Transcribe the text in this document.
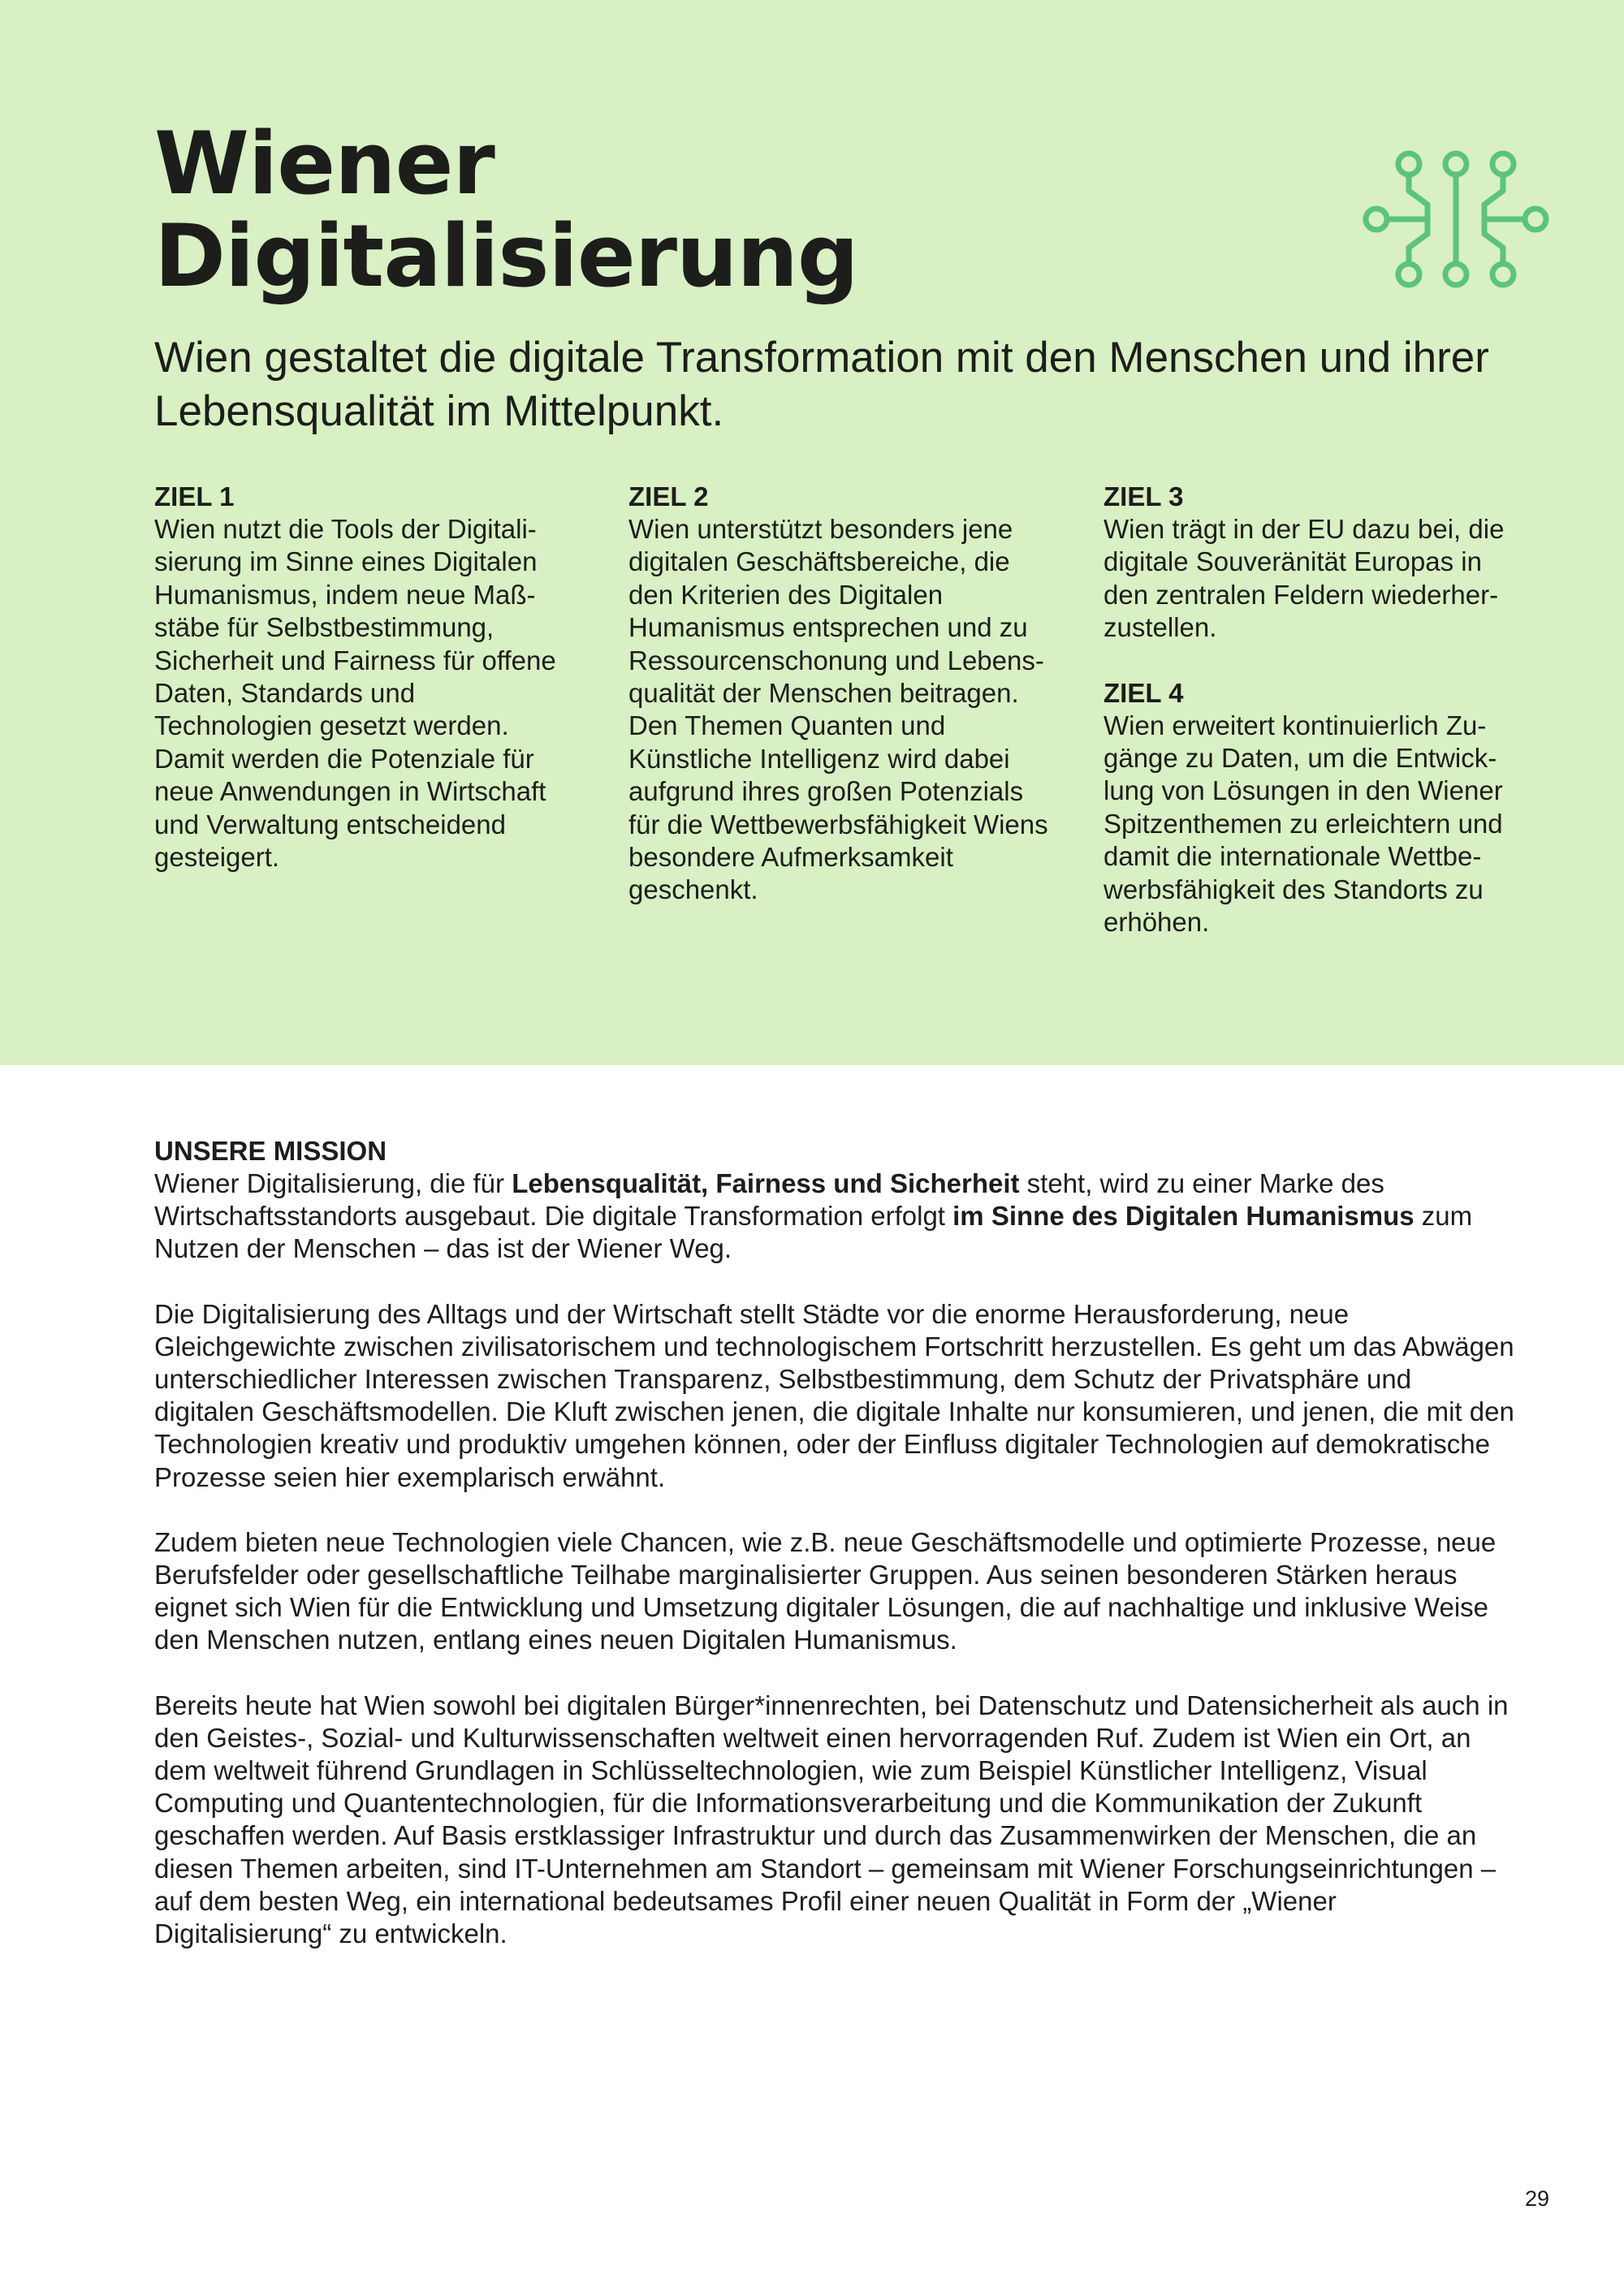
Wiener
Digitalisierung
Wien gestaltet die digitale Transformation mit den Menschen und ihrer Lebensqualität im Mittelpunkt.
ZIEL 1

Wien nutzt die Tools der Digitalisierung im Sinne eines Digitalen Humanismus, indem neue Maßstäbe für Selbstbestimmung, Sicherheit und Fairness für offene Daten, Standards und Technologien gesetzt werden. Damit werden die Potenziale für neue Anwendungen in Wirtschaft und Verwaltung entscheidend gesteigert.

ZIEL 2

Wien unterstützt besonders jene digitalen Geschäftsbereiche, die den Kriterien des Digitalen Humanismus entsprechen und zu Ressourcenschonung und Lebensqualität der Menschen beitragen. Den Themen Quanten und Künstliche Intelligenz wird dabei aufgrund ihres großen Potenzials für die Wettbewerbsfähigkeit Wiens besondere Aufmerksamkeit geschenkt.

ZIEL 3

Wien trägt in der EU dazu bei, die digitale Souveränität Europas in den zentralen Feldern wiederherzustellen.

ZIEL 4

Wien erweitert kontinuierlich Zugänge zu Daten, um die Entwicklung von Lösungen in den Wiener Spitzenthemen zu erleichtern und damit die internationale Wettbewerbsfähigkeit des Standorts zu erhöhen.

UNSERE MISSION

Wiener Digitalisierung, die für Lebensqualität, Fairness und Sicherheit steht, wird zu einer Marke des Wirtschaftsstandorts ausgebaut. Die digitale Transformation erfolgt im Sinne des Digitalen Humanismus zum Nutzen der Menschen – das ist der Wiener Weg.

Die Digitalisierung des Alltags und der Wirtschaft stellt Städte vor die enorme Herausforderung, neue Gleichgewichte zwischen zivilisatorischem und technologischem Fortschritt herzustellen. Es geht um das Abwägen unterschiedlicher Interessen zwischen Transparenz, Selbstbestimmung, dem Schutz der Privatsphäre und digitalen Geschäftsmodellen. Die Kluft zwischen jenen, die digitale Inhalte nur konsumieren, und jenen, die mit den Technologien kreativ und produktiv umgehen können, oder der Einfluss digitaler Technologien auf demokratische Prozesse seien hier exemplarisch erwähnt.

Zudem bieten neue Technologien viele Chancen, wie z.B. neue Geschäftsmodelle und optimierte Prozesse, neue Berufsfelder oder gesellschaftliche Teilhabe marginalisierter Gruppen. Aus seinen besonderen Stärken heraus eignet sich Wien für die Entwicklung und Umsetzung digitaler Lösungen, die auf nachhaltige und inklusive Weise den Menschen nutzen, entlang eines neuen Digitalen Humanismus.

Bereits heute hat Wien sowohl bei digitalen Bürger*innenrechten, bei Datenschutz und Datensicherheit als auch in den Geistes-, Sozial- und Kulturwissenschaften weltweit einen hervorragenden Ruf. Zudem ist Wien ein Ort, an dem weltweit führend Grundlagen in Schlüsseltechnologien, wie zum Beispiel Künstlicher Intelligenz, Visual Computing und Quantentechnologien, für die Informationsverarbeitung und die Kommunikation der Zukunft geschaffen werden. Auf Basis erstklassiger Infrastruktur und durch das Zusammenwirken der Menschen, die an diesen Themen arbeiten, sind IT-Unternehmen am Standort – gemeinsam mit Wiener Forschungseinrichtungen – auf dem besten Weg, ein international bedeutsames Profil einer neuen Qualität in Form der „Wiener Digitalisierung“ zu entwickeln.

29
